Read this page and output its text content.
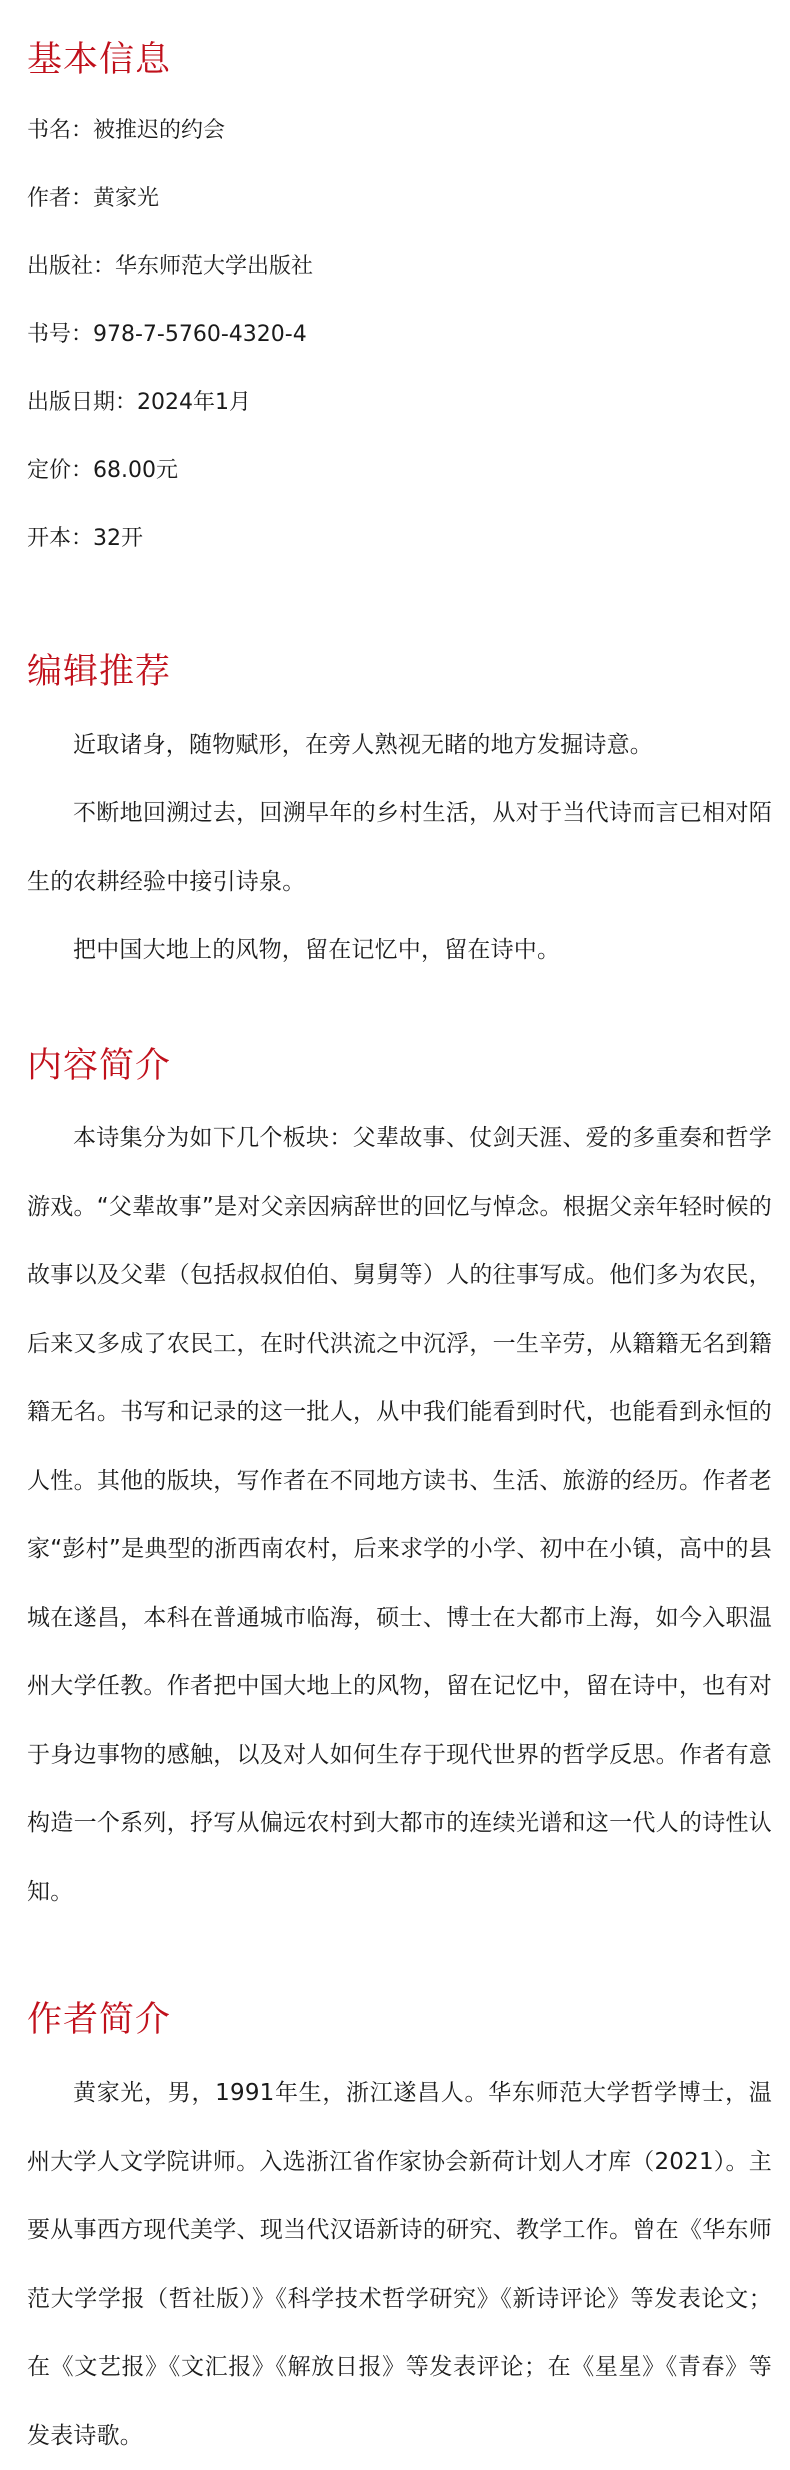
基本信息

书名：被推迟的约会

作者：黄家光

出版社：华东师范大学出版社

书号：978-7-5760-4320-4

出版日期：2024年1月

定价：68.00元

开本：32开

编辑推荐

近取诸身，随物赋形，在旁人熟视无睹的地方发掘诗意。

不断地回溯过去，回溯早年的乡村生活，从对于当代诗而言已相对陌生的农耕经验中接引诗泉。

把中国大地上的风物，留在记忆中，留在诗中。

内容简介

本诗集分为如下几个板块：父辈故事、仗剑天涯、爱的多重奏和哲学游戏。“父辈故事”是对父亲因病辞世的回忆与悼念。根据父亲年轻时候的故事以及父辈（包括叔叔伯伯、舅舅等）人的往事写成。他们多为农民，后来又多成了农民工，在时代洪流之中沉浮，一生辛劳，从籍籍无名到籍籍无名。书写和记录的这一批人，从中我们能看到时代，也能看到永恒的人性。其他的版块，写作者在不同地方读书、生活、旅游的经历。作者老家“彭村”是典型的浙西南农村，后来求学的小学、初中在小镇，高中的县城在遂昌，本科在普通城市临海，硕士、博士在大都市上海，如今入职温州大学任教。作者把中国大地上的风物，留在记忆中，留在诗中，也有对于身边事物的感触，以及对人如何生存于现代世界的哲学反思。作者有意构造一个系列，抒写从偏远农村到大都市的连续光谱和这一代人的诗性认知。

作者简介

黄家光，男，1991年生，浙江遂昌人。华东师范大学哲学博士，温州大学人文学院讲师。入选浙江省作家协会新荷计划人才库（2021）。主要从事西方现代美学、现当代汉语新诗的研究、教学工作。曾在《华东师范大学学报（哲社版）》《科学技术哲学研究》《新诗评论》等发表论文；在《文艺报》《文汇报》《解放日报》等发表评论；在《星星》《青春》等发表诗歌。
